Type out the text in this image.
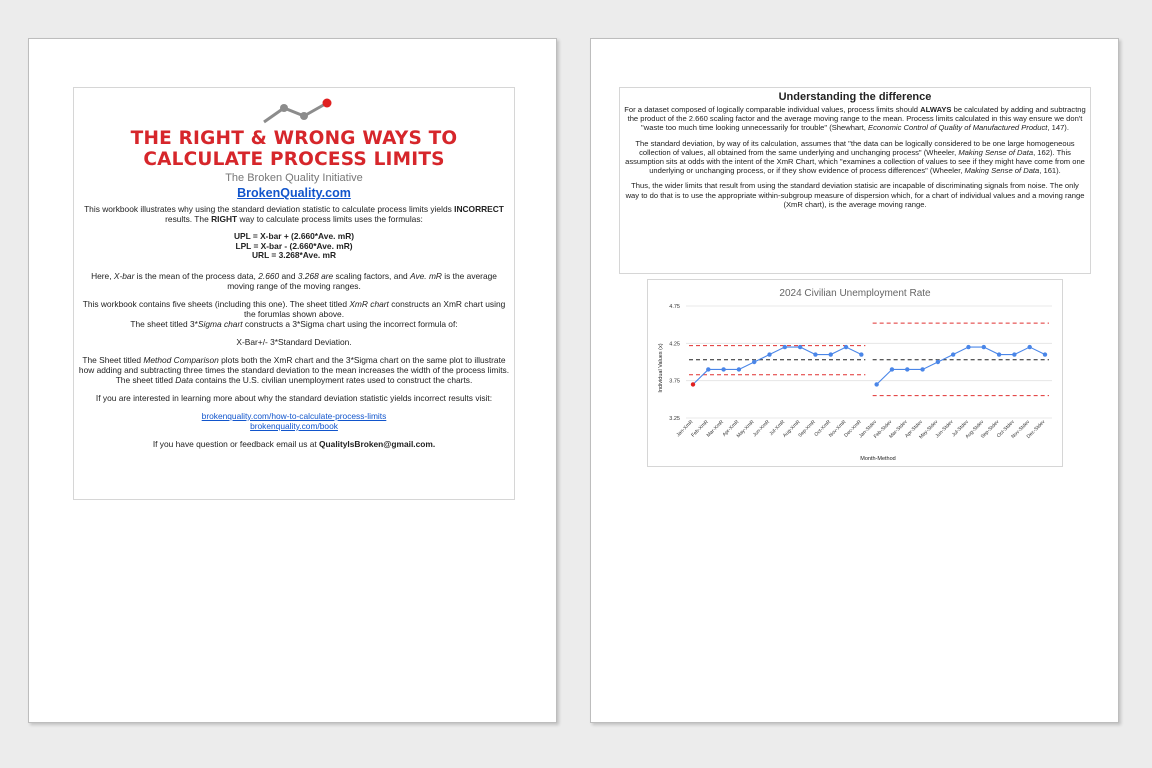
THE RIGHT & WRONG WAYS TO
CALCULATE PROCESS LIMITS
The Broken Quality Initiative
BrokenQuality.com

This workbook illustrates why using the standard deviation statistic to calculate process limits yields INCORRECT results. The RIGHT way to calculate process limits uses the formulas:

UPL = X-bar + (2.660*Ave. mR)
LPL = X-bar - (2.660*Ave. mR)
URL = 3.268*Ave. mR

Here, X-bar is the mean of the process data, 2.660 and 3.268 are scaling factors, and Ave. mR is the average moving range of the moving ranges.

This workbook contains five sheets (including this one). The sheet titled XmR chart constructs an XmR chart using the forumlas shown above.
The sheet titled 3*Sigma chart constructs a 3*Sigma chart using the incorrect formula of:

X-Bar+/- 3*Standard Deviation.

The Sheet titled Method Comparison plots both the XmR chart and the 3*Sigma chart on the same plot to illustrate how adding and subtracting three times the standard deviation to the mean increases the width of the process limits.
The sheet titled Data contains the U.S. civilian unemployment rates used to construct the charts.

If you are interested in learning more about why the standard deviation statistic yields incorrect results visit:

brokenquality.com/how-to-calculate-process-limits
brokenquality.com/book

If you have question or feedback email us at QualityIsBroken@gmail.com.

Understanding the difference

For a dataset composed of logically comparable individual values, process limits should ALWAYS be calculated by adding and subtractng the product of the 2.660 scaling factor and the average moving range to the mean. Process limits calculated in this way ensure we don't "waste too much time looking unnecessarily for trouble" (Shewhart, Economic Control of Quality of Manufactured Product, 147).

The standard deviation, by way of its calculation, assumes that "the data can be logically considered to be one large homogeneous collection of values, all obtained from the same underlying and unchanging process" (Wheeler, Making Sense of Data, 162). This assumption sits at odds with the intent of the XmR Chart, which "examines a collection of values to see if they might have come from one underlying or unchanging process, or if they show evidence of process differences" (Wheeler, Making Sense of Data, 161).

Thus, the wider limits that result from using the standard deviation statisic are incapable of discriminating signals from noise. The only way to do that is to use the appropriate within-subgroup measure of dispersion which, for a chart of individual values and a moving range (XmR chart), is the average moving range.

2024 Civilian Unemployment Rate
Individual Values (x)
Month-Method
4.75
4.25
3.75
3.25
Jan-XmR
Feb-XmR
Mar-XmR
Apr-XmR
May-XmR
Jun-XmR
Jul-XmR
Aug-XmR
Sep-XmR
Oct-XmR
Nov-XmR
Dec-XmR
Jan-Stdev
Feb-Stdev
Mar-Stdev
Apr-Stdev
May-Stdev
Jun-Stdev
Jul-Stdev
Aug-Stdev
Sep-Stdev
Oct-Stdev
Nov-Stdev
Dec-Stdev
